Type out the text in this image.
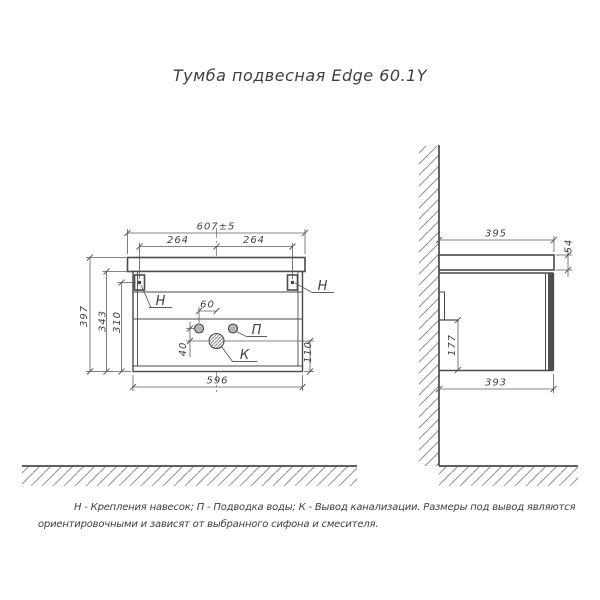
Тумба подвесная Edge 60.1Y
607±5
264	264
397 343 310
60
40	110
596
395
54
177
393
Н
Н
П
К
Н - Крепления навесок; П - Подводка воды; К - Вывод канализации. Размеры под вывод являются
ориентировочными и зависят от выбранного сифона и смесителя.
